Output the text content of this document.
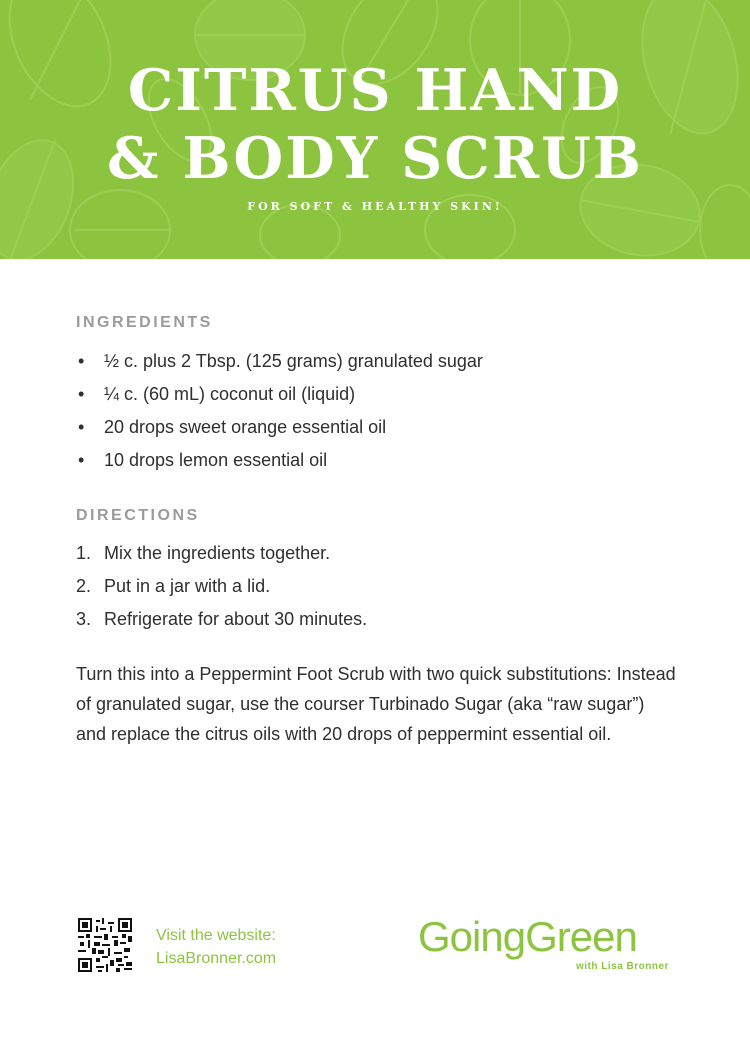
CITRUS HAND
& BODY SCRUB
FOR SOFT & HEALTHY SKIN!
INGREDIENTS
• ½ c. plus 2 Tbsp. (125 grams) granulated sugar
• ¼ c. (60 mL) coconut oil (liquid)
• 20 drops sweet orange essential oil
• 10 drops lemon essential oil
DIRECTIONS
1. Mix the ingredients together.
2. Put in a jar with a lid.
3. Refrigerate for about 30 minutes.

Turn this into a Peppermint Foot Scrub with two quick substitutions: Instead of granulated sugar, use the courser Turbinado Sugar (aka “raw sugar”) and replace the citrus oils with 20 drops of peppermint essential oil.

Visit the website:
LisaBronner.com	GoingGreen
with Lisa Bronner
